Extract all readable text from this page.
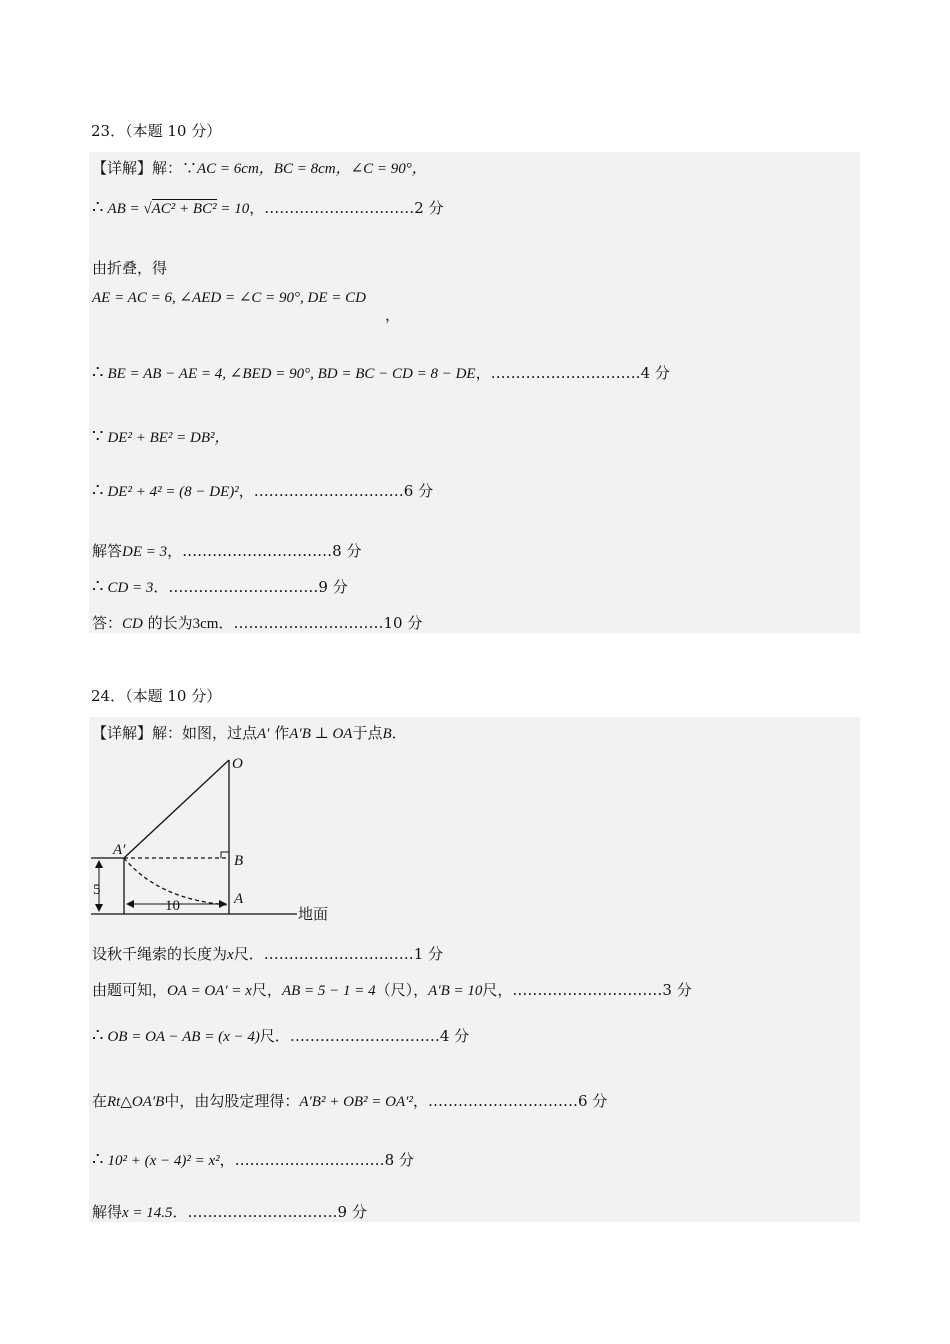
23．（本题 10 分）
【详解】解：∵AC = 6cm，BC = 8cm，∠C = 90°，
∴ AB = √AC² + BC² = 10，…………………………2 分
由折叠，得
AE = AC = 6, ∠AED = ∠C = 90°, DE = CD
，
∴ BE = AB − AE = 4, ∠BED = 90°, BD = BC − CD = 8 − DE，…………………………4 分
∵ DE² + BE² = DB²，
∴ DE² + 4² = (8 − DE)²，…………………………6 分
解答DE = 3，…………………………8 分
∴ CD = 3．…………………………9 分
答：CD 的长为3cm．…………………………10 分
24．（本题 10 分）
【详解】解：如图，过点A′ 作A′B ⊥ OA于点B．
O
A′
B
A
5
10	地面
设秋千绳索的长度为x尺．…………………………1 分
由题可知，OA = OA′ = x尺，AB = 5 − 1 = 4（尺），A′B = 10尺，…………………………3 分
∴ OB = OA − AB = (x − 4)尺．…………………………4 分
在Rt△OA′B中，由勾股定理得：A′B² + OB² = OA′²，…………………………6 分
∴ 10² + (x − 4)² = x²，…………………………8 分
解得x = 14.5．…………………………9 分
